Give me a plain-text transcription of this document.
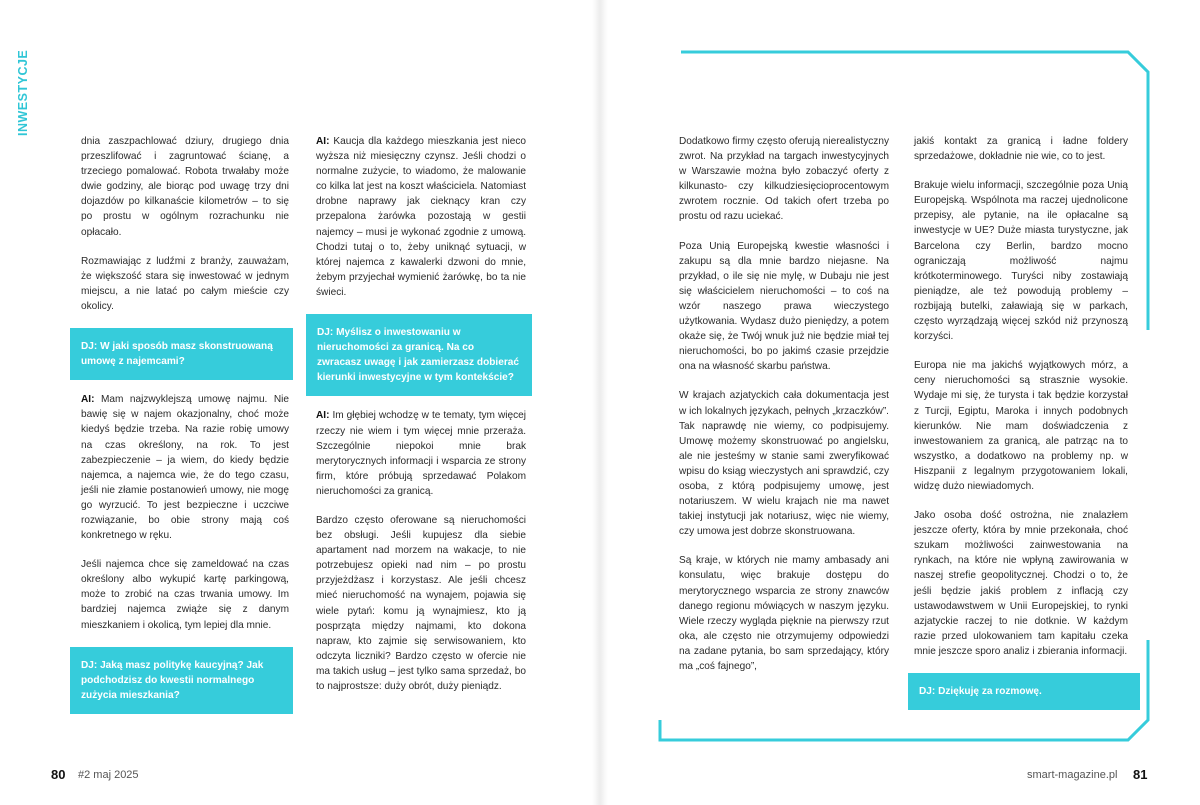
INWESTYCJE

dnia zaszpachlować dziury, drugiego dnia przeszlifować i zagruntować ścianę, a trzeciego pomalować. Robota trwałaby może dwie godziny, ale biorąc pod uwagę trzy dni dojazdów po kilkanaście kilometrów – to się po prostu w ogólnym rozrachunku nie opłacało.

Rozmawiając z ludźmi z branży, zauważam, że większość stara się inwestować w jednym miejscu, a nie latać po całym mieście czy okolicy.

DJ: W jaki sposób masz skonstruowaną umowę z najemcami?

AI: Mam najzwyklejszą umowę najmu. Nie bawię się w najem okazjonalny, choć może kiedyś będzie trzeba. Na razie robię umowy na czas określony, na rok. To jest zabezpieczenie – ja wiem, do kiedy będzie najemca, a najemca wie, że do tego czasu, jeśli nie złamie postanowień umowy, nie mogę go wyrzucić. To jest bezpieczne i uczciwe rozwiązanie, bo obie strony mają coś konkretnego w ręku.

Jeśli najemca chce się zameldować na czas określony albo wykupić kartę parkingową, może to zrobić na czas trwania umowy. Im bardziej najemca zwiąże się z danym mieszkaniem i okolicą, tym lepiej dla mnie.

DJ: Jaką masz politykę kaucyjną? Jak podchodzisz do kwestii normalnego zużycia mieszkania?

AI: Kaucja dla każdego mieszkania jest nieco wyższa niż miesięczny czynsz. Jeśli chodzi o normalne zużycie, to wiadomo, że malowanie co kilka lat jest na koszt właściciela. Natomiast drobne naprawy jak cieknący kran czy przepalona żarówka pozostają w gestii najemcy – musi je wykonać zgodnie z umową. Chodzi tutaj o to, żeby uniknąć sytuacji, w której najemca z kawalerki dzwoni do mnie, żebym przyjechał wymienić żarówkę, bo ta nie świeci.

DJ: Myślisz o inwestowaniu w nieruchomości za granicą. Na co zwracasz uwagę i jak zamierzasz dobierać kierunki inwestycyjne w tym kontekście?

AI: Im głębiej wchodzę w te tematy, tym więcej rzeczy nie wiem i tym więcej mnie przeraża. Szczególnie niepokoi mnie brak merytorycznych informacji i wsparcia ze strony firm, które próbują sprzedawać Polakom nieruchomości za granicą.

Bardzo często oferowane są nieruchomości bez obsługi. Jeśli kupujesz dla siebie apartament nad morzem na wakacje, to nie potrzebujesz opieki nad nim – po prostu przyjeżdżasz i korzystasz. Ale jeśli chcesz mieć nieruchomość na wynajem, pojawia się wiele pytań: komu ją wynajmiesz, kto ją posprząta między najmami, kto dokona napraw, kto zajmie się serwisowaniem, kto odczyta liczniki? Bardzo często w ofercie nie ma takich usług – jest tylko sama sprzedaż, bo to najprostsze: duży obrót, duży pieniądz.

Dodatkowo firmy często oferują nierealistyczny zwrot. Na przykład na targach inwestycyjnych w Warszawie można było zobaczyć oferty z kilkunasto- czy kilkudziesięcioprocentowym zwrotem rocznie. Od takich ofert trzeba po prostu od razu uciekać.

Poza Unią Europejską kwestie własności i zakupu są dla mnie bardzo niejasne. Na przykład, o ile się nie mylę, w Dubaju nie jest się właścicielem nieruchomości – to coś na wzór naszego prawa wieczystego użytkowania. Wydasz dużo pieniędzy, a potem okaże się, że Twój wnuk już nie będzie miał tej nieruchomości, bo po jakimś czasie przejdzie ona na własność skarbu państwa.

W krajach azjatyckich cała dokumentacja jest w ich lokalnych językach, pełnych „krzaczków”. Tak naprawdę nie wiemy, co podpisujemy. Umowę możemy skonstruować po angielsku, ale nie jesteśmy w stanie sami zweryfikować wpisu do ksiąg wieczystych ani sprawdzić, czy osoba, z którą podpisujemy umowę, jest notariuszem. W wielu krajach nie ma nawet takiej instytucji jak notariusz, więc nie wiemy, czy umowa jest dobrze skonstruowana.

Są kraje, w których nie mamy ambasady ani konsulatu, więc brakuje dostępu do merytorycznego wsparcia ze strony znawców danego regionu mówiących w naszym języku. Wiele rzeczy wygląda pięknie na pierwszy rzut oka, ale często nie otrzymujemy odpowiedzi na zadane pytania, bo sam sprzedający, który ma „coś fajnego”,

jakiś kontakt za granicą i ładne foldery sprzedażowe, dokładnie nie wie, co to jest.

Brakuje wielu informacji, szczególnie poza Unią Europejską. Wspólnota ma raczej ujednolicone przepisy, ale pytanie, na ile opłacalne są inwestycje w UE? Duże miasta turystyczne, jak Barcelona czy Berlin, bardzo mocno ograniczają możliwość najmu krótkoterminowego. Turyści niby zostawiają pieniądze, ale też powodują problemy – rozbijają butelki, załawiają się w parkach, często wyrządzają więcej szkód niż przynoszą korzyści.

Europa nie ma jakichś wyjątkowych mórz, a ceny nieruchomości są strasznie wysokie. Wydaje mi się, że turysta i tak będzie korzystał z Turcji, Egiptu, Maroka i innych podobnych kierunków. Nie mam doświadczenia z inwestowaniem za granicą, ale patrząc na to wszystko, a dodatkowo na problemy np. w Hiszpanii z legalnym przygotowaniem lokali, widzę dużo niewiadomych.

Jako osoba dość ostrożna, nie znalazłem jeszcze oferty, która by mnie przekonała, choć szukam możliwości zainwestowania na rynkach, na które nie wpłyną zawirowania w naszej strefie geopolitycznej. Chodzi o to, że jeśli będzie jakiś problem z inflacją czy ustawodawstwem w Unii Europejskiej, to rynki azjatyckie raczej to nie dotknie. W każdym razie przed ulokowaniem tam kapitału czeka mnie jeszcze sporo analiz i zbierania informacji.

DJ: Dziękuję za rozmowę.
80 #2 maj 2025	smart-magazine.pl 81
